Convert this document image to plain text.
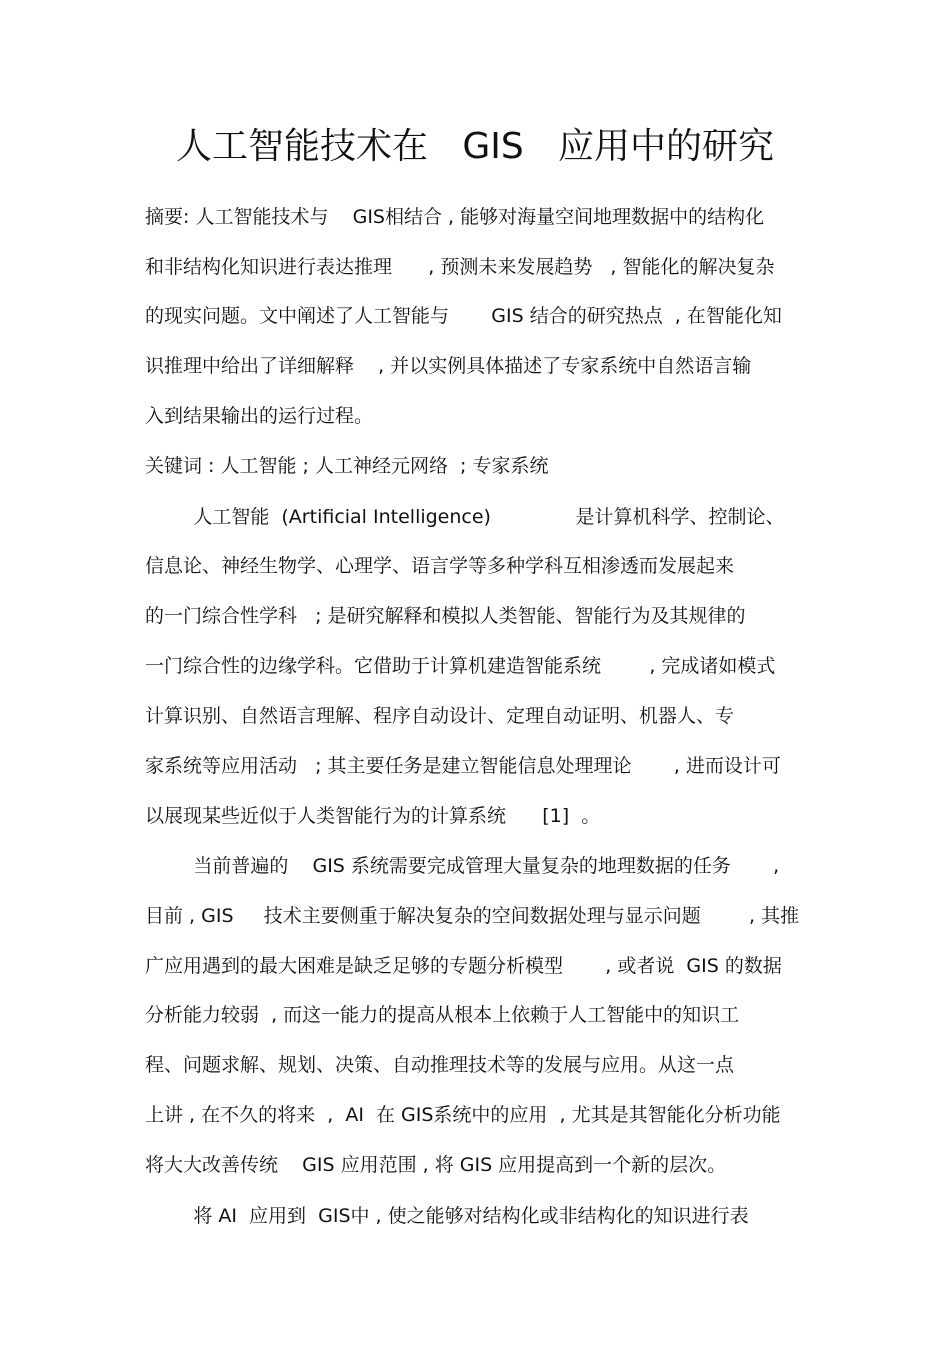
人工智能技术在   GIS   应用中的研究

摘要: 人工智能技术与    GIS相结合 , 能够对海量空间地理数据中的结构化

和非结构化知识进行表达推理      , 预测未来发展趋势   , 智能化的解决复杂

的现实问题。文中阐述了人工智能与       GIS 结合的研究热点  , 在智能化知

识推理中给出了详细解释    , 并以实例具体描述了专家系统中自然语言输

入到结果输出的运行过程。

关键词 : 人工智能 ; 人工神经元网络  ; 专家系统

人工智能  (Artificial Intelligence)              是计算机科学、控制论、

信息论、神经生物学、心理学、语言学等多种学科互相渗透而发展起来

的一门综合性学科   ; 是研究解释和模拟人类智能、智能行为及其规律的

一门综合性的边缘学科。它借助于计算机建造智能系统        , 完成诸如模式

计算识别、自然语言理解、程序自动设计、定理自动证明、机器人、专

家系统等应用活动   ; 其主要任务是建立智能信息处理理论       , 进而设计可

以展现某些近似于人类智能行为的计算系统      [1]  。

当前普遍的    GIS 系统需要完成管理大量复杂的地理数据的任务       ,

目前 , GIS     技术主要侧重于解决复杂的空间数据处理与显示问题        , 其推

广应用遇到的最大困难是缺乏足够的专题分析模型       , 或者说  GIS 的数据

分析能力较弱  , 而这一能力的提高从根本上依赖于人工智能中的知识工

程、问题求解、规划、决策、自动推理技术等的发展与应用。从这一点

上讲 , 在不久的将来  ,  AI  在 GIS系统中的应用  , 尤其是其智能化分析功能

将大大改善传统    GIS 应用范围 , 将 GIS 应用提高到一个新的层次。

将 AI  应用到  GIS中 , 使之能够对结构化或非结构化的知识进行表
